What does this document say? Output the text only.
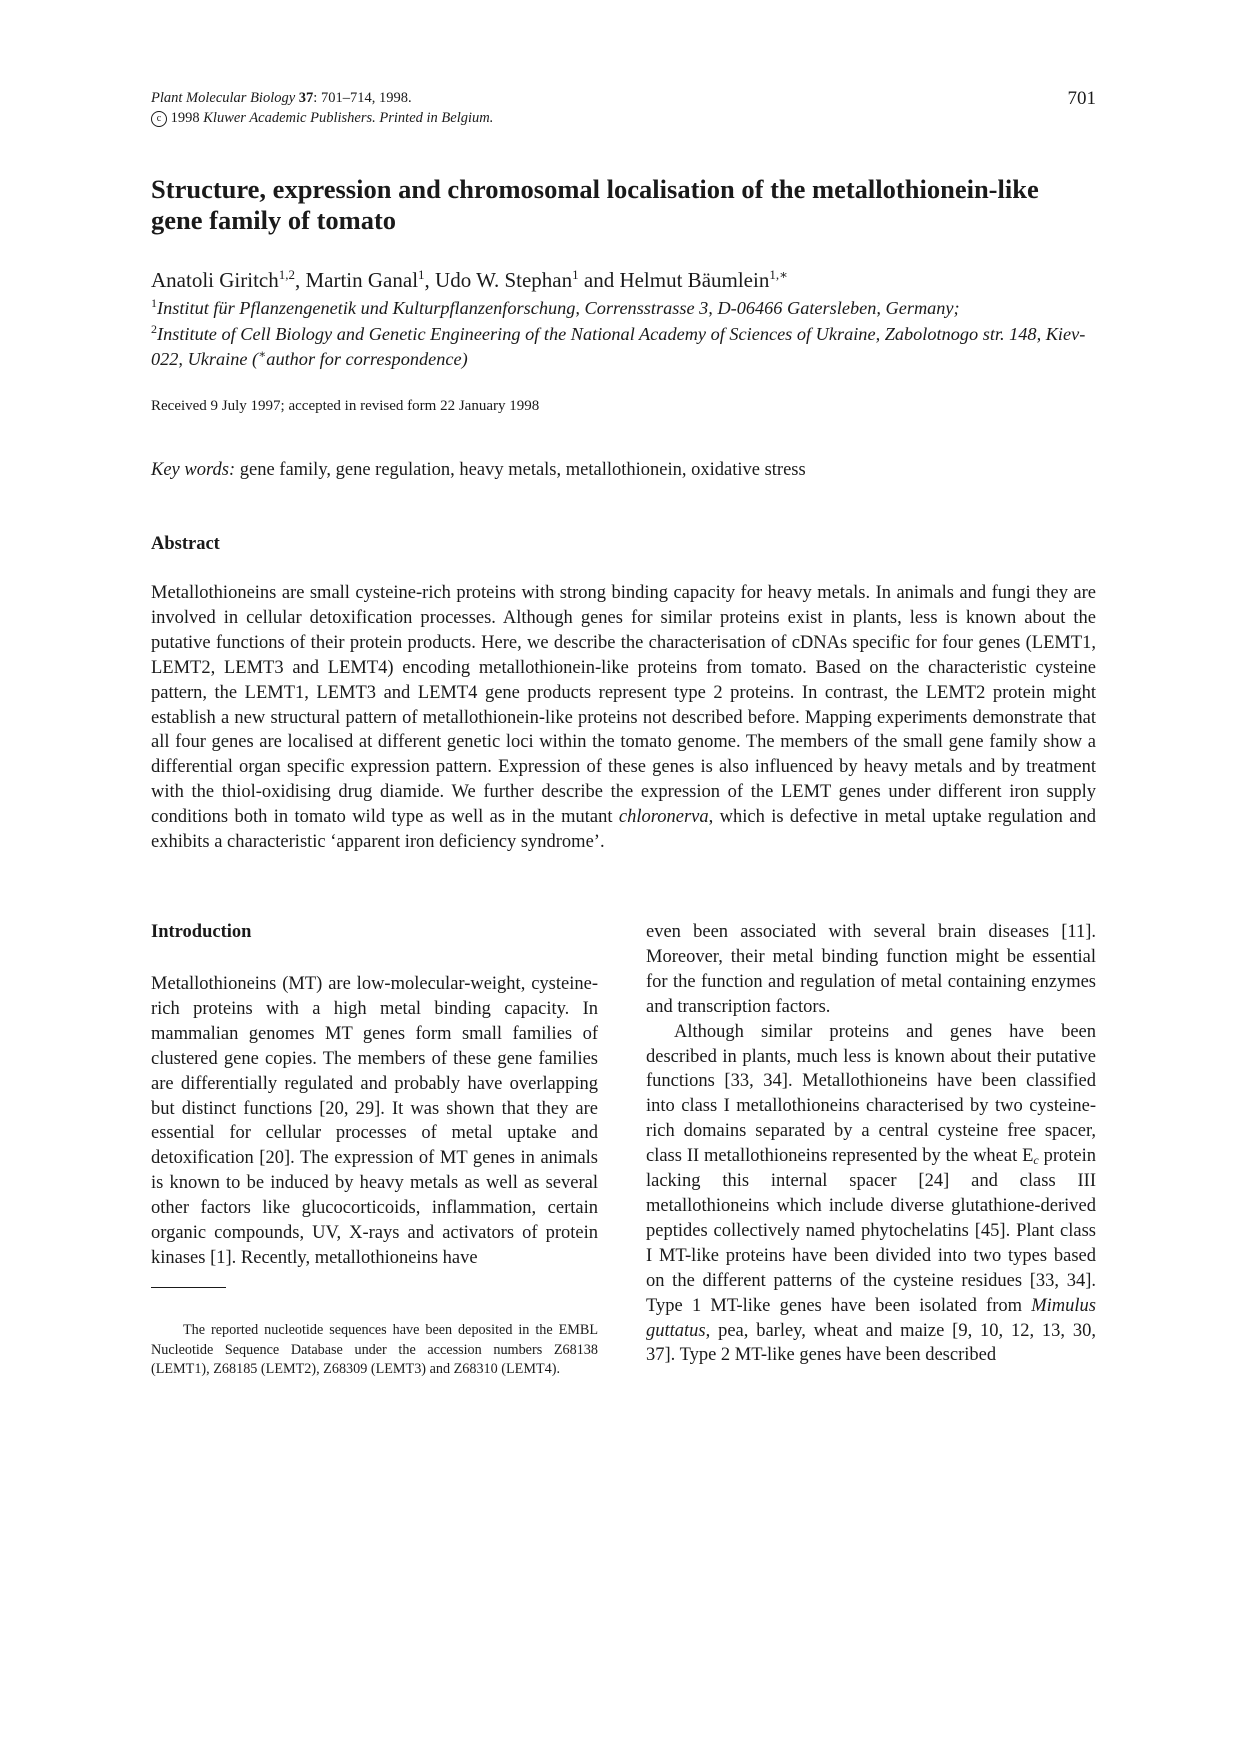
Plant Molecular Biology 37: 701–714, 1998.
c 1998 Kluwer Academic Publishers. Printed in Belgium.
701
Structure, expression and chromosomal localisation of the metallothionein-like gene family of tomato
Anatoli Giritch$^{1,2}$, Martin Ganal$^1$, Udo W. Stephan$^1$ and Helmut Bäumlein$^{1,∗}$
$^1$Institut für Pflanzengenetik und Kulturpflanzenforschung, Corrensstrasse 3, D-06466 Gatersleben, Germany;
$^2$Institute of Cell Biology and Genetic Engineering of the National Academy of Sciences of Ukraine, Zabolotnogo str. 148, Kiev-022, Ukraine (∗author for correspondence)
Received 9 July 1997; accepted in revised form 22 January 1998
Key words: gene family, gene regulation, heavy metals, metallothionein, oxidative stress
Abstract

Metallothioneins are small cysteine-rich proteins with strong binding capacity for heavy metals. In animals and fungi they are involved in cellular detoxification processes. Although genes for similar proteins exist in plants, less is known about the putative functions of their protein products. Here, we describe the characterisation of cDNAs specific for four genes (LEMT1, LEMT2, LEMT3 and LEMT4) encoding metallothionein-like proteins from tomato. Based on the characteristic cysteine pattern, the LEMT1, LEMT3 and LEMT4 gene products represent type 2 proteins. In contrast, the LEMT2 protein might establish a new structural pattern of metallothionein-like proteins not described before. Mapping experiments demonstrate that all four genes are localised at different genetic loci within the tomato genome. The members of the small gene family show a differential organ specific expression pattern. Expression of these genes is also influenced by heavy metals and by treatment with the thiol-oxidising drug diamide. We further describe the expression of the LEMT genes under different iron supply conditions both in tomato wild type as well as in the mutant chloronerva, which is defective in metal uptake regulation and exhibits a characteristic ‘apparent iron deficiency syndrome’.

Introduction

Metallothioneins (MT) are low-molecular-weight, cysteine-rich proteins with a high metal binding capacity. In mammalian genomes MT genes form small families of clustered gene copies. The members of these gene families are differentially regulated and probably have overlapping but distinct functions [20, 29]. It was shown that they are essential for cellular processes of metal uptake and detoxification [20]. The expression of MT genes in animals is known to be induced by heavy metals as well as several other factors like glucocorticoids, inflammation, certain organic compounds, UV, X-rays and activators of protein kinases [1]. Recently, metallothioneins have

The reported nucleotide sequences have been deposited in the EMBL Nucleotide Sequence Database under the accession numbers Z68138 (LEMT1), Z68185 (LEMT2), Z68309 (LEMT3) and Z68310 (LEMT4).

even been associated with several brain diseases [11]. Moreover, their metal binding function might be essential for the function and regulation of metal containing enzymes and transcription factors.

Although similar proteins and genes have been described in plants, much less is known about their putative functions [33, 34]. Metallothioneins have been classified into class I metallothioneins characterised by two cysteine-rich domains separated by a central cysteine free spacer, class II metallothioneins represented by the wheat $E_c$ protein lacking this internal spacer [24] and class III metallothioneins which include diverse glutathione-derived peptides collectively named phytochelatins [45]. Plant class I MT-like proteins have been divided into two types based on the different patterns of the cysteine residues [33, 34]. Type 1 MT-like genes have been isolated from Mimulus guttatus, pea, barley, wheat and maize [9, 10, 12, 13, 30, 37]. Type 2 MT-like genes have been described
